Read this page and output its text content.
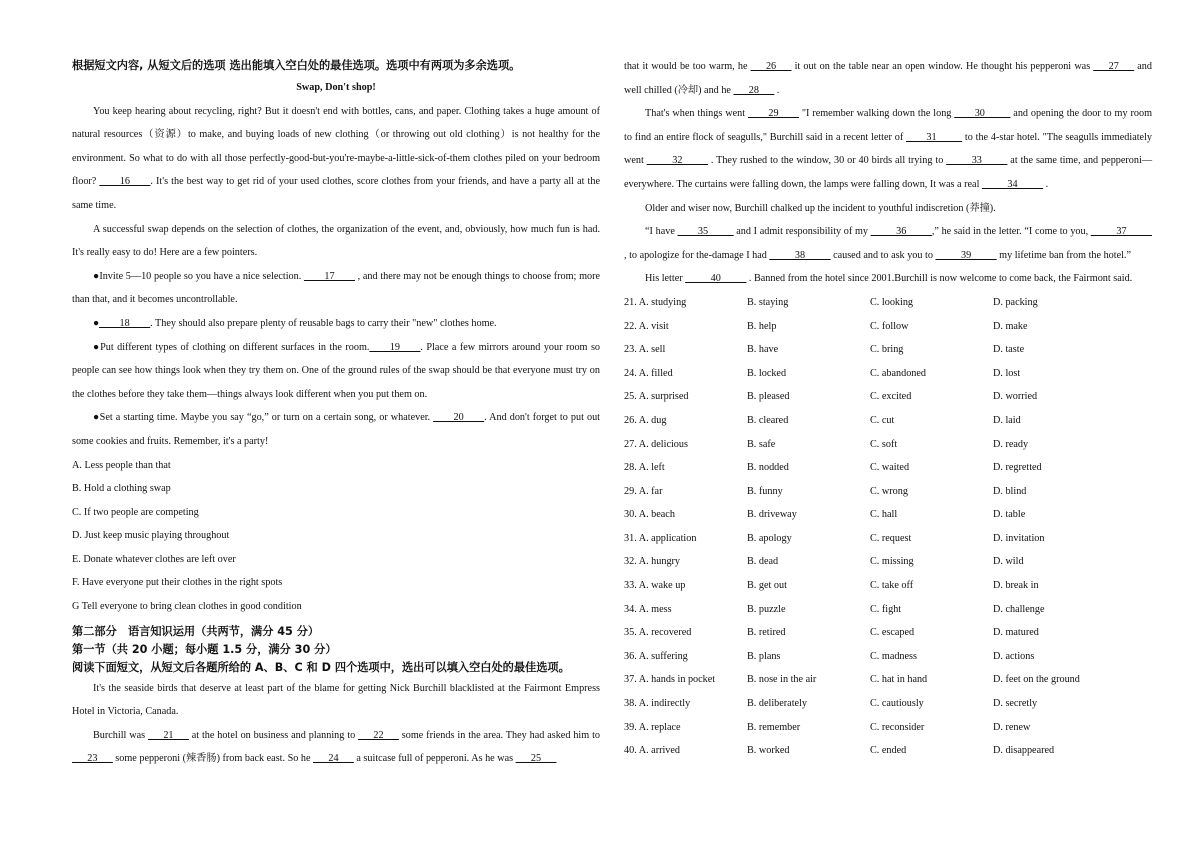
根据短文内容, 从短文后的选项 选出能填入空白处的最佳选项。选项中有两项为多余选项。

Swap, Don't shop!

You keep hearing about recycling, right? But it doesn't end with bottles, cans, and paper. Clothing takes a huge amount of natural resources（资源）to make, and buying loads of new clothing（or throwing out old clothing）is not healthy for the environment. So what to do with all those perfectly-good-but-you're-maybe-a-little-sick-of-them clothes piled on your bedroom floor? ____16____. It's the best way to get rid of your used clothes, score clothes from your friends, and have a party all at the same time.

A successful swap depends on the selection of clothes, the organization of the event, and, obviously, how much fun is had. It's really easy to do! Here are a few pointers.

●Invite 5—10 people so you have a nice selection. ____17____ , and there may not be enough things to choose from; more than that, and it becomes uncontrollable.

●____18____. They should also prepare plenty of reusable bags to carry their "new" clothes home.

●Put different types of clothing on different surfaces in the room.____19____. Place a few mirrors around your room so people can see how things look when they try them on. One of the ground rules of the swap should be that everyone must try on the clothes before they take them—things always look different when you put them on.

●Set a starting time. Maybe you say “go,” or turn on a certain song, or whatever. ____20____. And don't forget to put out some cookies and fruits. Remember, it's a party!

A. Less people than that

B. Hold a clothing swap

C. If two people are competing

D. Just keep music playing throughout

E. Donate whatever clothes are left over

F. Have everyone put their clothes in the right spots

G Tell everyone to bring clean clothes in good condition

第二部分　语言知识运用（共两节，满分 45 分）

第一节（共 20 小题；每小题 1.5 分，满分 30 分）

阅读下面短文，从短文后各题所给的 A、B、C 和 D 四个选项中，选出可以填入空白处的最佳选项。

It's the seaside birds that deserve at least part of the blame for getting Nick Burchill blacklisted at the Fairmont Empress Hotel in Victoria, Canada.

Burchill was ___21___ at the hotel on business and planning to ___22___ some friends in the area. They had asked him to ___23___ some pepperoni (辣香肠) from back east. So he ___24___ a suitcase full of pepperoni. As he was ___25___

that it would be too warm, he ___26___ it out on the table near an open window. He thought his pepperoni was ___27___ and well chilled (冷却) and he ___28___ .

That's when things went ____29____ "I remember walking down the long ____30_____ and opening the door to my room to find an entire flock of seagulls," Burchill said in a recent letter of ____31_____ to the 4-star hotel. "The seagulls immediately went _____32_____ . They rushed to the window, 30 or 40 birds all trying to _____33_____ at the same time, and pepperoni—everywhere. The curtains were falling down, the lamps were falling down, It was a real _____34_____ .

Older and wiser now, Burchill chalked up the incident to youthful indiscretion (莽撞).

“I have ____35_____ and I admit responsibility of my _____36_____,” he said in the letter. “I come to you, _____37_____ , to apologize for the-damage I had _____38_____ caused and to ask you to _____39_____ my lifetime ban from the hotel.”

His letter _____40_____ . Banned from the hotel since 2001.Burchill is now welcome to come back, the Fairmont said.

21. A. studying	B. staying	C. looking	D. packing
22. A. visit	B. help	C. follow	D. make
23. A. sell	B. have	C. bring	D. taste
24. A. filled	B. locked	C. abandoned	D. lost
25. A. surprised	B. pleased	C. excited	D. worried
26. A. dug	B. cleared	C. cut	D. laid
27. A. delicious	B. safe	C. soft	D. ready
28. A. left	B. nodded	C. waited	D. regretted
29. A. far	B. funny	C. wrong	D. blind
30. A. beach	B. driveway	C. hall	D. table
31. A. application	B. apology	C. request	D. invitation
32. A. hungry	B. dead	C. missing	D. wild
33. A. wake up	B. get out	C. take off	D. break in
34. A. mess	B. puzzle	C. fight	D. challenge
35. A. recovered	B. retired	C. escaped	D. matured
36. A. suffering	B. plans	C. madness	D. actions
37. A. hands in pocket	B. nose in the air	C. hat in hand	D. feet on the ground
38. A. indirectly	B. deliberately	C. cautiously	D. secretly
39. A. replace	B. remember	C. reconsider	D. renew
40. A. arrived	B. worked	C. ended	D. disappeared
